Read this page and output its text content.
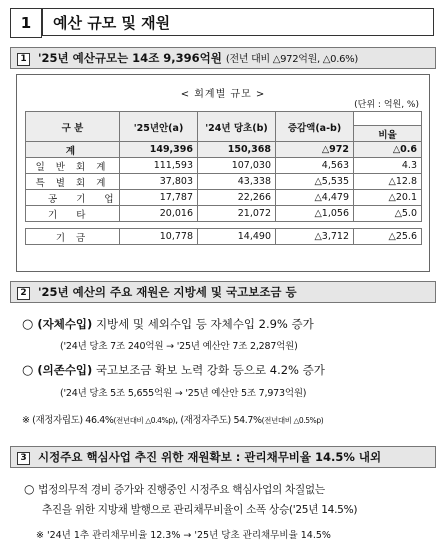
1	예산 규모 및 재원
1 '25년 예산규모는 14조 9,396억원 (전년 대비 △972억원, △0.6%)
< 회계별 규모 >
(단위 : 억원, %)
구 분	'25년안(a)	'24년 당초(b)	증감액(a-b)	
				비율
계	149,396	150,368	△972	△0.6
일 반 회 계	111,593	107,030	4,563	4.3
특 별 회 계	37,803	43,338	△5,535	△12.8
공 기 업	17,787	22,266	△4,479	△20.1
기 타	20,016	21,072	△1,056	△5.0

기 금	10,778	14,490	△3,712	△25.6
2 '25년 예산의 주요 재원은 지방세 및 국고보조금 등
○ (자체수입) 지방세 및 세외수입 등 자체수입 2.9% 증가
('24년 당초 7조 240억원 → '25년 예산안 7조 2,287억원)
○ (의존수입) 국고보조금 확보 노력 강화 등으로 4.2% 증가
('24년 당초 5조 5,655억원 → '25년 예산안 5조 7,973억원)
※ (재정자립도) 46.4%(전년대비 △0.4%p), (재정자주도) 54.7%(전년대비 △0.5%p)
3 시정주요 핵심사업 추진 위한 재원확보 : 관리채무비율 14.5% 내외
○ 법정의무적 경비 증가와 진행중인 시정주요 핵심사업의 차질없는
추진을 위한 지방채 발행으로 관리채무비율이 소폭 상승('25년 14.5%)
※ '24년 1추 관리채무비율 12.3% → '25년 당초 관리채무비율 14.5%
